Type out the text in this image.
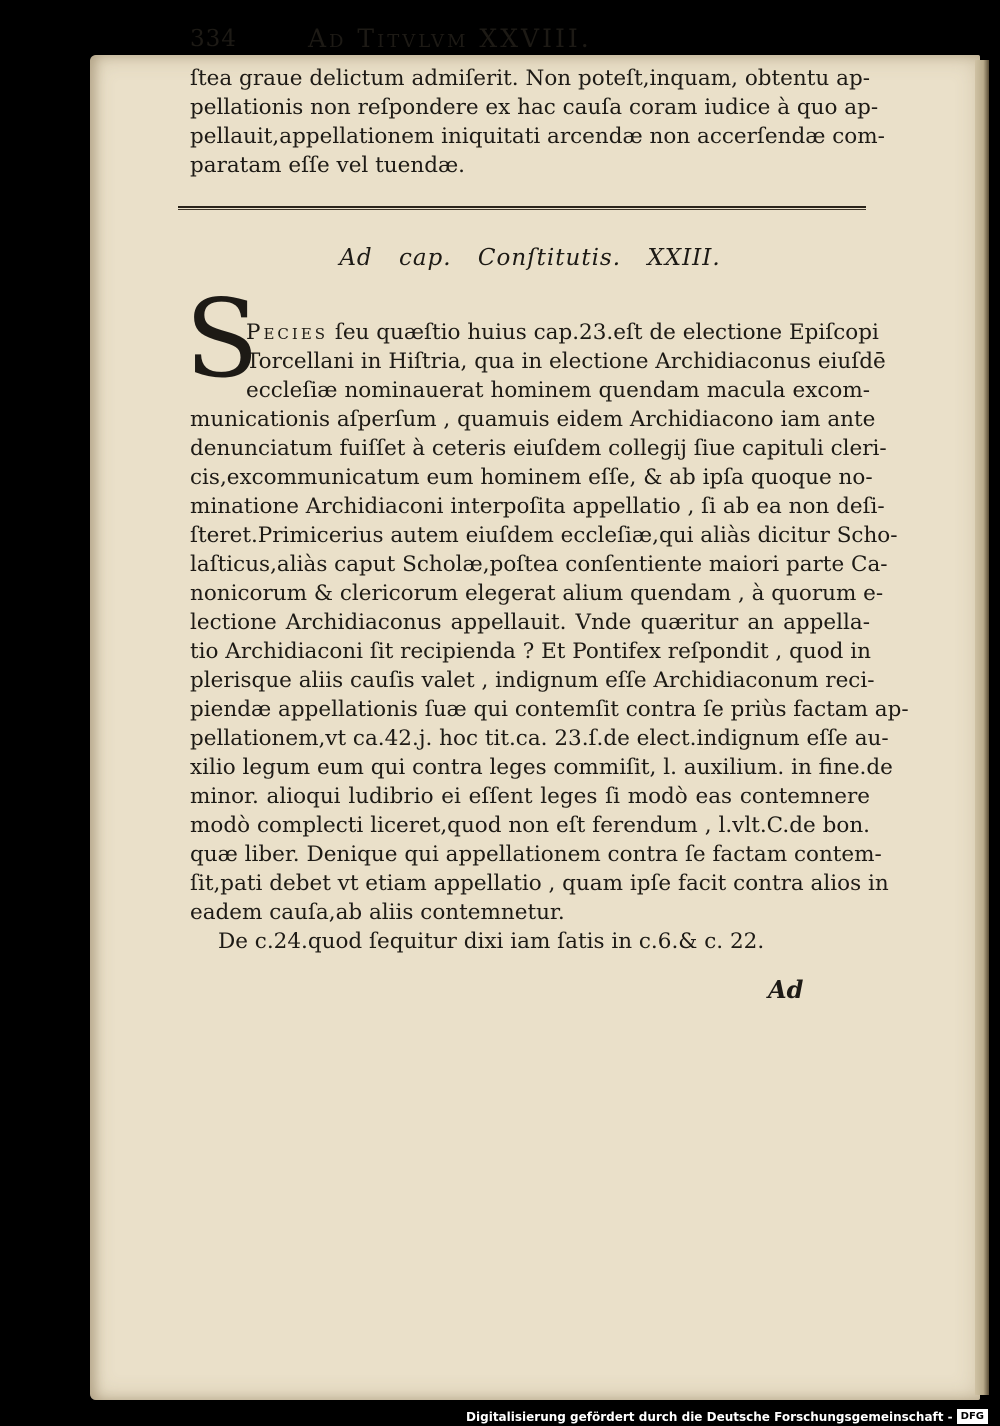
334	Ad Titvlvm XXVIII.
ſtea graue delictum admiſerit. Non poteſt,inquam, obtentu ap-
pellationis non reſpondere ex hac cauſa coram iudice à quo ap-
pellauit,appellationem iniquitati arcendæ non accerſendæ com-
paratam eſſe vel tuendæ.
Ad cap. Conſtitutis. XXIII.
S
Pecies ſeu quæſtio huius cap.23.eſt de electione Epiſcopi
Torcellani in Hiſtria, qua in electione Archidiaconus eiuſdē
eccleſiæ nominauerat hominem quendam macula excom-
municationis aſperſum , quamuis eidem Archidiacono iam ante
denunciatum fuiſſet à ceteris eiuſdem collegij ſiue capituli cleri-
cis,excommunicatum eum hominem eſſe, & ab ipſa quoque no-
minatione Archidiaconi interpoſita appellatio , ſi ab ea non deſi-
ſteret.Primicerius autem eiuſdem eccleſiæ,qui aliàs dicitur Scho-
laſticus,aliàs caput Scholæ,poſtea conſentiente maiori parte Ca-
nonicorum & clericorum elegerat alium quendam , à quorum e-
lectione Archidiaconus appellauit. Vnde quæritur an appella-
tio Archidiaconi ſit recipienda ? Et Pontifex reſpondit , quod in
plerisque aliis cauſis valet , indignum eſſe Archidiaconum reci-
piendæ appellationis ſuæ qui contemſit contra ſe priùs factam ap-
pellationem,vt ca.42.j. hoc tit.ca. 23.ſ.de elect.indignum eſſe au-
xilio legum eum qui contra leges commiſit, l. auxilium. in fine.de
minor. alioqui ludibrio ei eſſent leges ſi modò eas contemnere
modò complecti liceret,quod non eſt ferendum , l.vlt.C.de bon.
quæ liber. Denique qui appellationem contra ſe factam contem-
ſit,pati debet vt etiam appellatio , quam ipſe facit contra alios in
eadem cauſa,ab aliis contemnetur.
De c.24.quod ſequitur dixi iam ſatis in c.6.& c. 22.
Ad
Digitalisierung gefördert durch die Deutsche Forschungsgemeinschaft - DFG
